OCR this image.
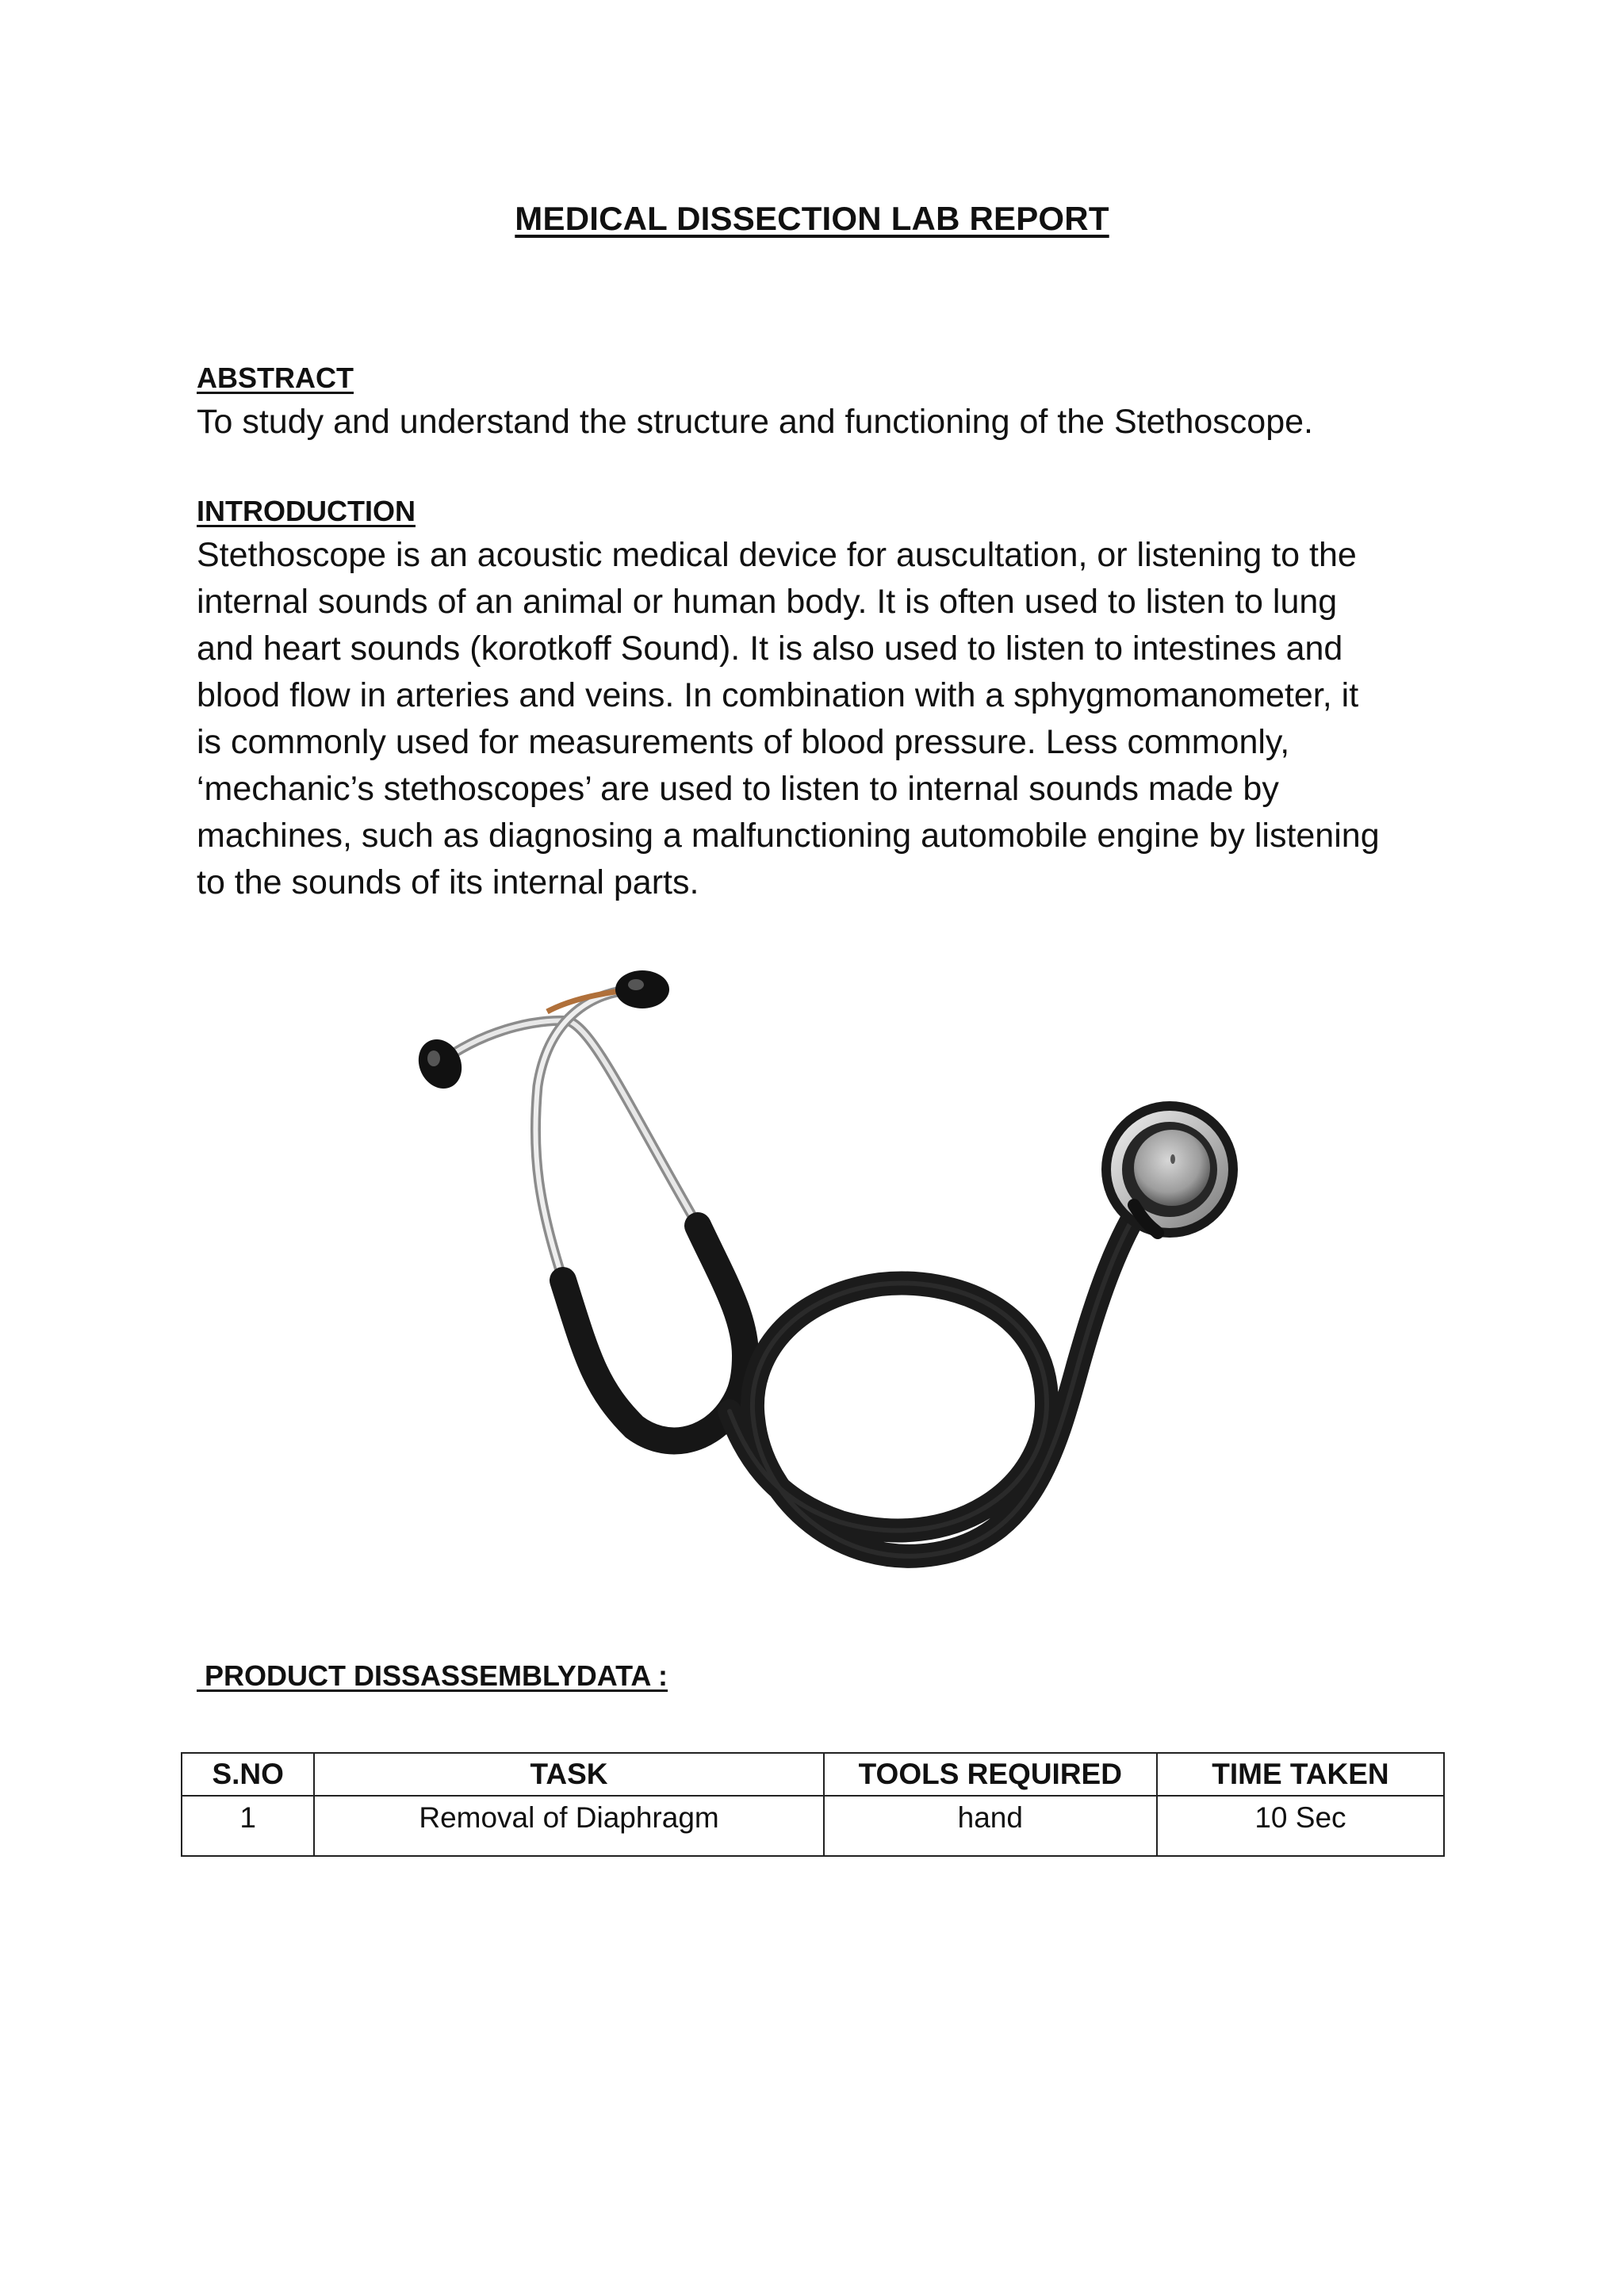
MEDICAL DISSECTION LAB REPORT
ABSTRACT
To study and understand the structure and functioning of the Stethoscope.
INTRODUCTION
Stethoscope is an acoustic medical device for auscultation, or listening to the
internal sounds of an animal or human body. It is often used to listen to lung
and heart sounds (korotkoff Sound). It is also used to listen to intestines and
blood flow in arteries and veins. In combination with a sphygmomanometer, it
is commonly used for measurements of blood pressure. Less commonly,
‘mechanic’s stethoscopes’ are used to listen to internal sounds made by
machines, such as diagnosing a malfunctioning automobile engine by listening
to the sounds of its internal parts.
PRODUCT DISSASSEMBLYDATA :
S.NO	TASK	TOOLS REQUIRED	TIME TAKEN
1	Removal of Diaphragm	hand	10 Sec
